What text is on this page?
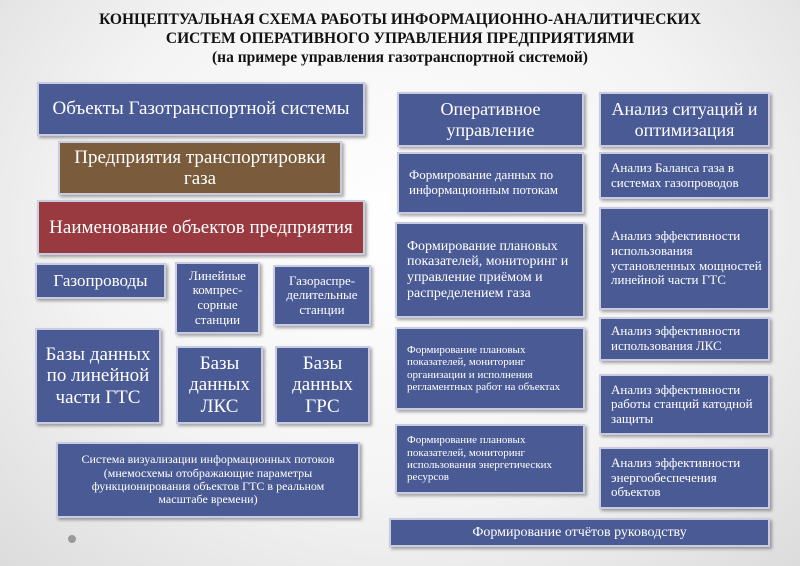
КОНЦЕПТУАЛЬНАЯ СХЕМА РАБОТЫ ИНФОРМАЦИОННО-АНАЛИТИЧЕСКИХ
СИСТЕМ ОПЕРАТИВНОГО УПРАВЛЕНИЯ ПРЕДПРИЯТИЯМИ
(на примере управления газотранспортной системой)
Объекты Газотранспортной системы
Предприятия транспортировки газа
Наименование объектов предприятия
Газопроводы	Линейные компрес-сорные станции
Газораспре-делительные станции
Базы данных по линейной части ГТС
Базы данных ЛКС
Базы данных ГРС
Система визуализации информационных потоков (мнемосхемы отображающие параметры функционирования объектов ГТС в реальном масштабе времени)
Оперативное управление
Формирование данных по информационным потокам
Формирование плановых показателей, мониторинг и управление приёмом и распределением газа
Формирование плановых показателей, мониторинг организации и исполнения регламентных работ на объектах
Формирование плановых показателей, мониторинг использования энергетических ресурсов
Анализ ситуаций и оптимизация
Анализ Баланса газа в системах газопроводов
Анализ эффективности использования установленных мощностей линейной части ГТС
Анализ эффективности использования ЛКС
Анализ эффективности работы станций катодной защиты
Анализ эффективности энергообеспечения объектов
Формирование отчётов руководству
